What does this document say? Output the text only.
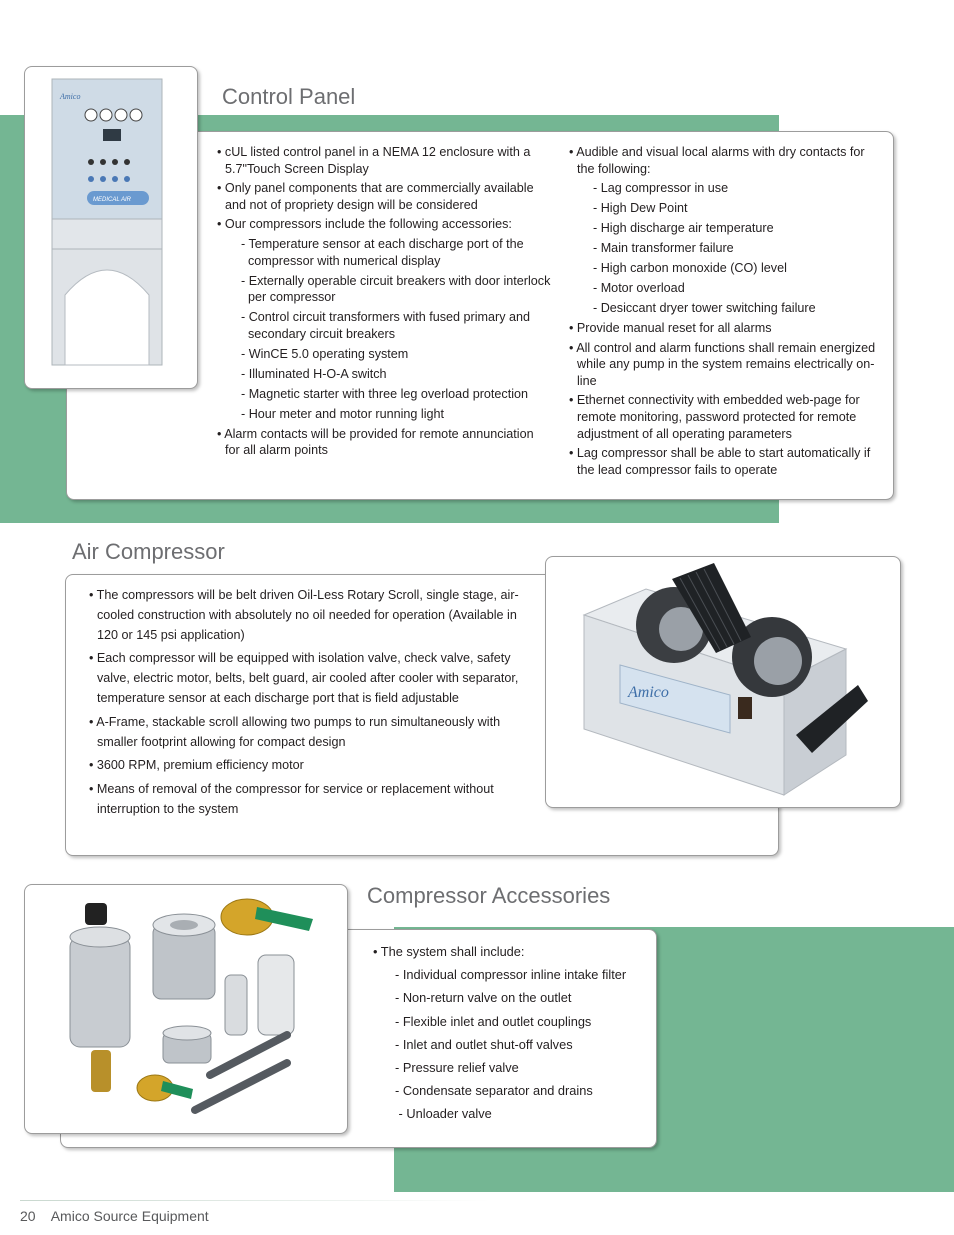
Control Panel
Amico
MEDICAL AIR

• cUL listed control panel in a NEMA 12 enclosure with a 5.7"Touch Screen Display

• Only panel components that are commercially available and not of propriety design will be considered

• Our compressors include the following accessories:

- Temperature sensor at each discharge port of the compressor with numerical display

- Externally operable circuit breakers with door interlock per compressor

- Control circuit transformers with fused primary and secondary circuit breakers

- WinCE 5.0 operating system

- Illuminated H-O-A switch

- Magnetic starter with three leg overload protection

- Hour meter and motor running light

• Alarm contacts will be provided for remote annunciation for all alarm points

• Audible and visual local alarms with dry contacts for the following:

- Lag compressor in use

- High Dew Point

- High discharge air temperature

- Main transformer failure

- High carbon monoxide (CO) level

- Motor overload

- Desiccant dryer tower switching failure

• Provide manual reset for all alarms

• All control and alarm functions shall remain energized while any pump in the system remains electrically on-line

• Ethernet connectivity with embedded web-page for remote monitoring, password protected for remote adjustment of all operating parameters

• Lag compressor shall be able to start automatically if the lead compressor fails to operate

Air Compressor

• The compressors will be belt driven Oil-Less Rotary Scroll, single stage, air-cooled construction with absolutely no oil needed for operation (Available in 120 or 145 psi application)

• Each compressor will be equipped with isolation valve, check valve, safety valve, electric motor, belts, belt guard, air cooled after cooler with separator, temperature sensor at each discharge port that is field adjustable

• A-Frame, stackable scroll allowing two pumps to run simultaneously with smaller footprint allowing for compact design

• 3600 RPM, premium efficiency motor

• Means of removal of the compressor for service or replacement without interruption to the system

Amico
Compressor Accessories

• The system shall include:

- Individual compressor inline intake filter

- Non-return valve on the outlet

- Flexible inlet and outlet couplings

- Inlet and outlet shut-off valves

- Pressure relief valve

- Condensate separator and drains

- Unloader valve

20 Amico Source Equipment
